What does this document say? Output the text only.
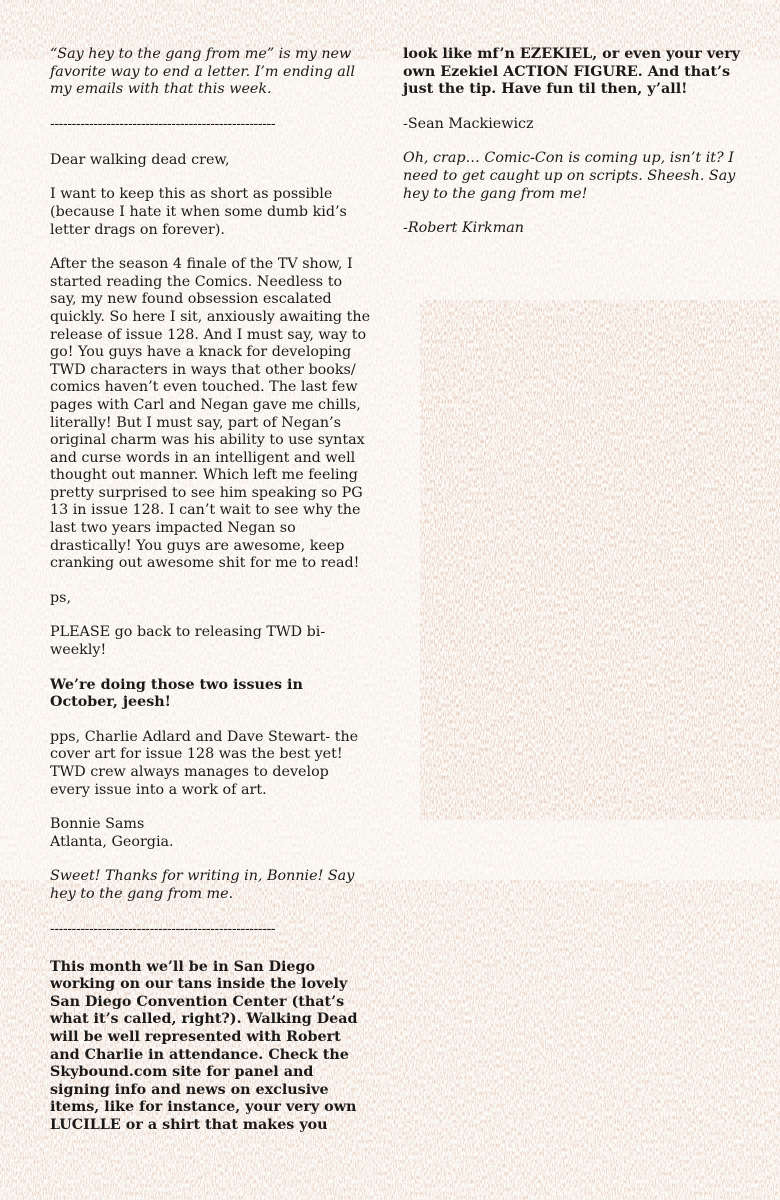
“Say hey to the gang from me” is my new favorite way to end a letter. I’m ending all my emails with that this week.

----------------------------------------------------

Dear walking dead crew,

I want to keep this as short as possible (because I hate it when some dumb kid’s letter drags on forever).

After the season 4 finale of the TV show, I started reading the Comics. Needless to say, my new found obsession escalated quickly. So here I sit, anxiously awaiting the release of issue 128. And I must say, way to go! You guys have a knack for developing TWD characters in ways that other books/ comics haven’t even touched. The last few pages with Carl and Negan gave me chills, literally! But I must say, part of Negan’s original charm was his ability to use syntax and curse words in an intelligent and well thought out manner. Which left me feeling pretty surprised to see him speaking so PG 13 in issue 128. I can’t wait to see why the last two years impacted Negan so drastically! You guys are awesome, keep cranking out awesome shit for me to read!

ps,

PLEASE go back to releasing TWD bi-weekly!

We’re doing those two issues in October, jeesh!

pps, Charlie Adlard and Dave Stewart- the cover art for issue 128 was the best yet! TWD crew always manages to develop every issue into a work of art.

Bonnie Sams
Atlanta, Georgia.

Sweet! Thanks for writing in, Bonnie! Say hey to the gang from me.

----------------------------------------------------

This month we’ll be in San Diego working on our tans inside the lovely San Diego Convention Center (that’s what it’s called, right?). Walking Dead will be well represented with Robert and Charlie in attendance. Check the Skybound.com site for panel and signing info and news on exclusive items, like for instance, your very own LUCILLE or a shirt that makes you

look like mf’n EZEKIEL, or even your very own Ezekiel ACTION FIGURE. And that’s just the tip. Have fun til then, y’all!

-Sean Mackiewicz

Oh, crap… Comic-Con is coming up, isn’t it? I need to get caught up on scripts. Sheesh. Say hey to the gang from me!

-Robert Kirkman
